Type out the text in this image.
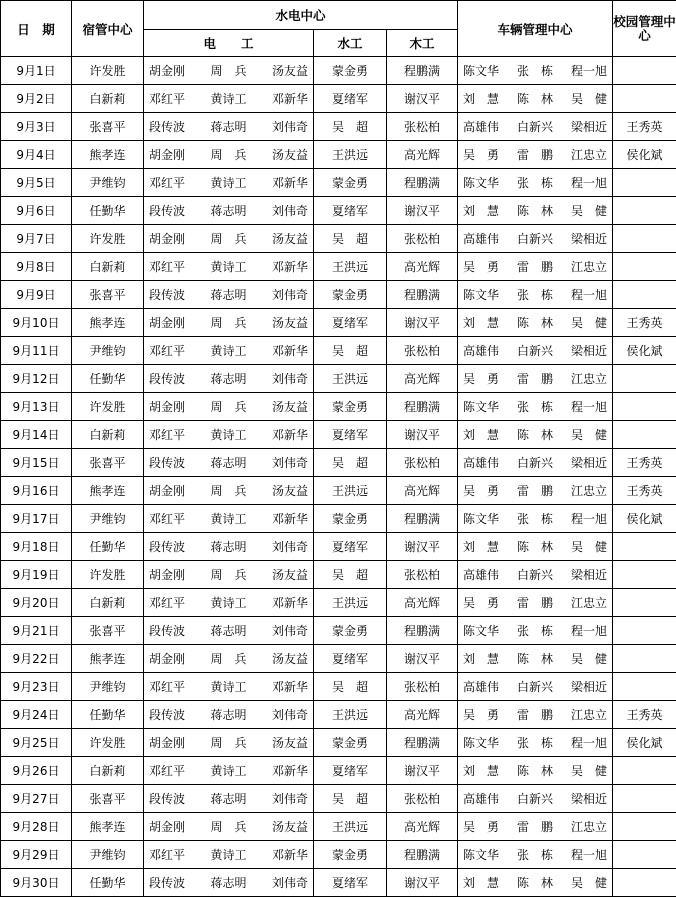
日　期	宿管中心	水电中心			车辆管理中心	校园管理中心
		电　　工	水工	木工		
9月1日	许发胜	胡金刚 周　兵 汤友益	蒙金勇	程鹏满	陈文华 张　栋 程一旭	

9月2日	白新莉	邓红平 黄诗工 邓新华	夏绪军	谢汉平	刘　慧 陈　林 吴　健	

9月3日	张喜平	段传波 蒋志明 刘伟奇	吴　超	张松柏	高雄伟 白新兴 梁相近	王秀英
9月4日	熊孝连	胡金刚 周　兵 汤友益	王洪远	高光辉	吴　勇 雷　鹏 江忠立	侯化斌
9月5日	尹维钧	邓红平 黄诗工 邓新华	蒙金勇	程鹏满	陈文华 张　栋 程一旭	

9月6日	任勤华	段传波 蒋志明 刘伟奇	夏绪军	谢汉平	刘　慧 陈　林 吴　健	

9月7日	许发胜	胡金刚 周　兵 汤友益	吴　超	张松柏	高雄伟 白新兴 梁相近	

9月8日	白新莉	邓红平 黄诗工 邓新华	王洪远	高光辉	吴　勇 雷　鹏 江忠立	

9月9日	张喜平	段传波 蒋志明 刘伟奇	蒙金勇	程鹏满	陈文华 张　栋 程一旭	

9月10日	熊孝连	胡金刚 周　兵 汤友益	夏绪军	谢汉平	刘　慧 陈　林 吴　健	王秀英
9月11日	尹维钧	邓红平 黄诗工 邓新华	吴　超	张松柏	高雄伟 白新兴 梁相近	侯化斌
9月12日	任勤华	段传波 蒋志明 刘伟奇	王洪远	高光辉	吴　勇 雷　鹏 江忠立	

9月13日	许发胜	胡金刚 周　兵 汤友益	蒙金勇	程鹏满	陈文华 张　栋 程一旭	

9月14日	白新莉	邓红平 黄诗工 邓新华	夏绪军	谢汉平	刘　慧 陈　林 吴　健	

9月15日	张喜平	段传波 蒋志明 刘伟奇	吴　超	张松柏	高雄伟 白新兴 梁相近	王秀英
9月16日	熊孝连	胡金刚 周　兵 汤友益	王洪远	高光辉	吴　勇 雷　鹏 江忠立	王秀英
9月17日	尹维钧	邓红平 黄诗工 邓新华	蒙金勇	程鹏满	陈文华 张　栋 程一旭	侯化斌
9月18日	任勤华	段传波 蒋志明 刘伟奇	夏绪军	谢汉平	刘　慧 陈　林 吴　健	

9月19日	许发胜	胡金刚 周　兵 汤友益	吴　超	张松柏	高雄伟 白新兴 梁相近	

9月20日	白新莉	邓红平 黄诗工 邓新华	王洪远	高光辉	吴　勇 雷　鹏 江忠立	

9月21日	张喜平	段传波 蒋志明 刘伟奇	蒙金勇	程鹏满	陈文华 张　栋 程一旭	

9月22日	熊孝连	胡金刚 周　兵 汤友益	夏绪军	谢汉平	刘　慧 陈　林 吴　健	

9月23日	尹维钧	邓红平 黄诗工 邓新华	吴　超	张松柏	高雄伟 白新兴 梁相近	

9月24日	任勤华	段传波 蒋志明 刘伟奇	王洪远	高光辉	吴　勇 雷　鹏 江忠立	王秀英
9月25日	许发胜	胡金刚 周　兵 汤友益	蒙金勇	程鹏满	陈文华 张　栋 程一旭	侯化斌
9月26日	白新莉	邓红平 黄诗工 邓新华	夏绪军	谢汉平	刘　慧 陈　林 吴　健	

9月27日	张喜平	段传波 蒋志明 刘伟奇	吴　超	张松柏	高雄伟 白新兴 梁相近	

9月28日	熊孝连	胡金刚 周　兵 汤友益	王洪远	高光辉	吴　勇 雷　鹏 江忠立	

9月29日	尹维钧	邓红平 黄诗工 邓新华	蒙金勇	程鹏满	陈文华 张　栋 程一旭	

9月30日	任勤华	段传波 蒋志明 刘伟奇	夏绪军	谢汉平	刘　慧 陈　林 吴　健	
